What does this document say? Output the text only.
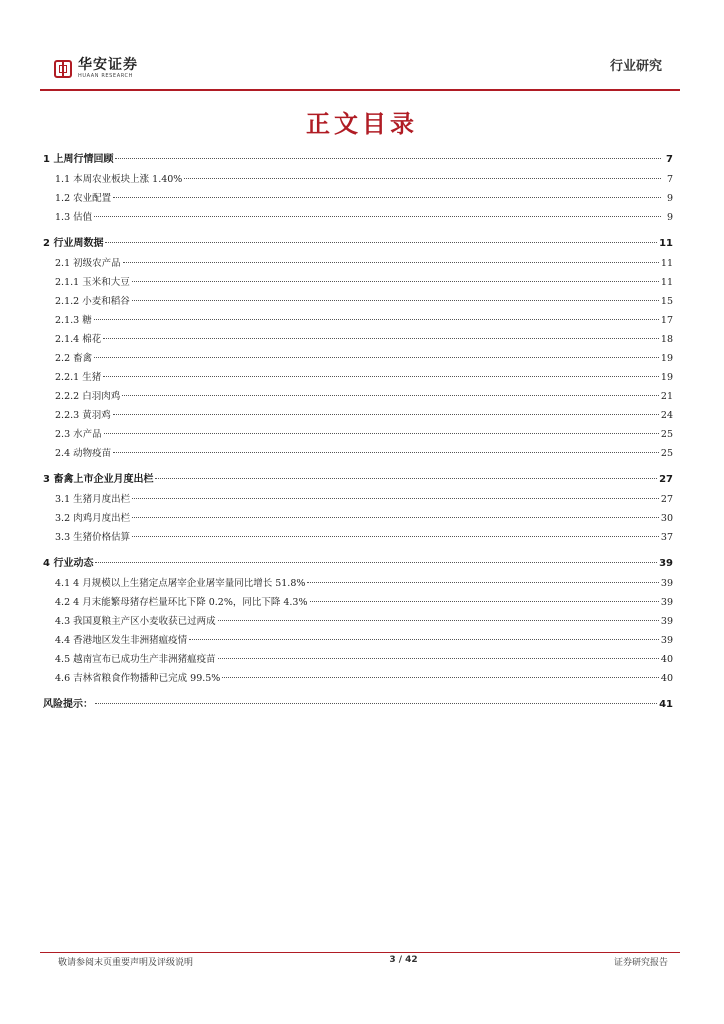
华安证券
HUAAN RESEARCH
行业研究
正文目录
1 上周行情回顾	7
1.1 本周农业板块上涨 1.40%	7
1.2 农业配置	9
1.3 估值	9
2 行业周数据	11
2.1 初级农产品	11
2.1.1 玉米和大豆	11
2.1.2 小麦和稻谷	15
2.1.3 糖	17
2.1.4 棉花	18
2.2 畜禽	19
2.2.1 生猪	19
2.2.2 白羽肉鸡	21
2.2.3 黄羽鸡	24
2.3 水产品	25
2.4 动物疫苗	25
3 畜禽上市企业月度出栏	27
3.1 生猪月度出栏	27
3.2 肉鸡月度出栏	30
3.3 生猪价格估算	37
4 行业动态	39
4.1 4 月规模以上生猪定点屠宰企业屠宰量同比增长 51.8%	39
4.2 4 月末能繁母猪存栏量环比下降 0.2%，同比下降 4.3%	39
4.3 我国夏粮主产区小麦收获已过两成	39
4.4 香港地区发生非洲猪瘟疫情	39
4.5 越南宣布已成功生产非洲猪瘟疫苗	40
4.6 吉林省粮食作物播种已完成 99.5%	40
风险提示：	41
敬请参阅末页重要声明及评级说明	3 / 42	证券研究报告
